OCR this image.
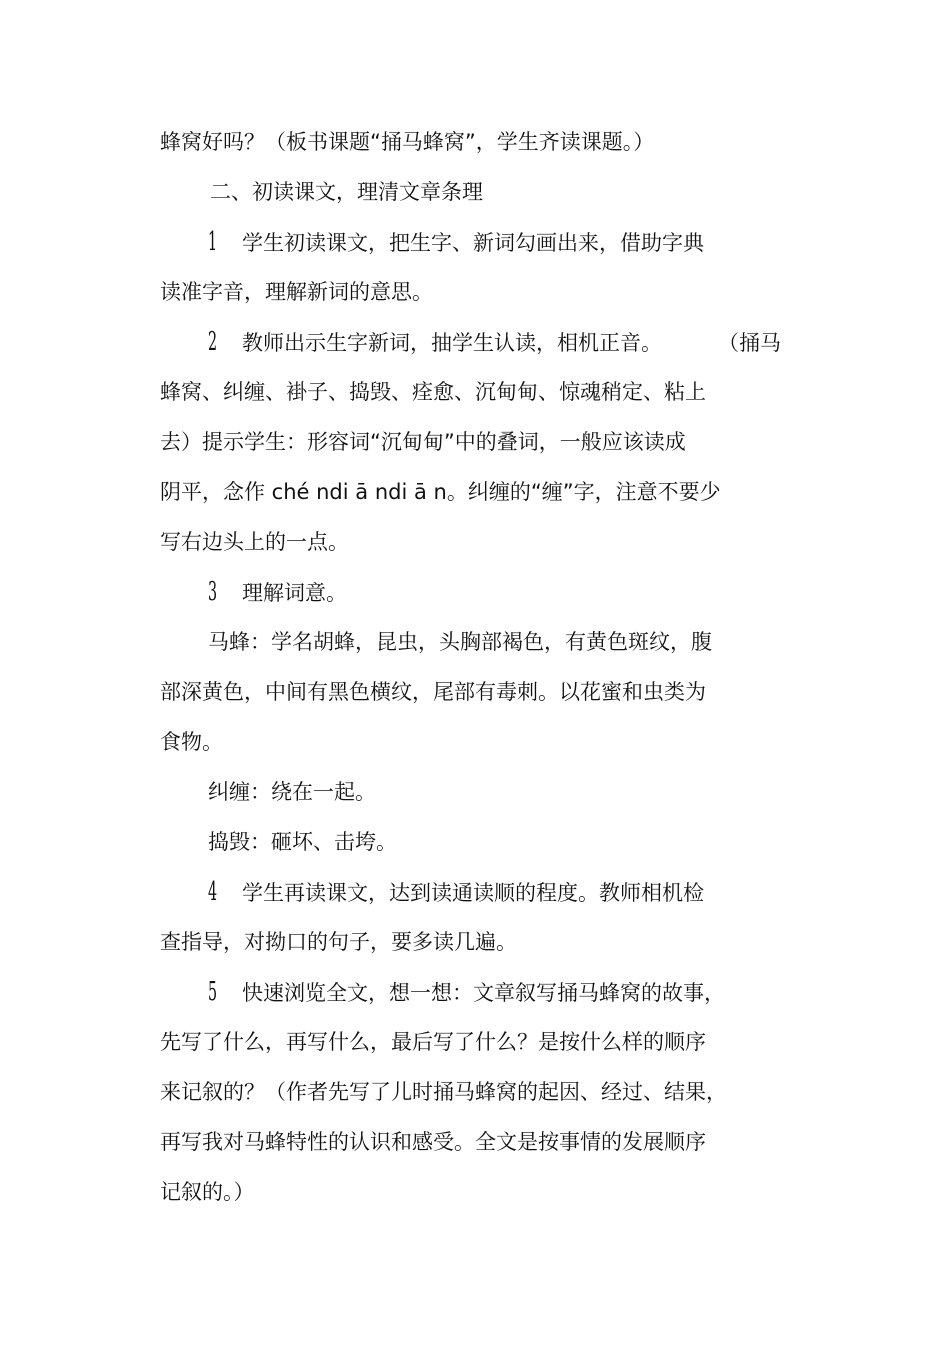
蜂窝好吗？（板书课题“捅马蜂窝”，学生齐读课题。）
二、初读课文，理清文章条理
1 学生初读课文，把生字、新词勾画出来，借助字典
读准字音，理解新词的意思。
2 教师出示生字新词，抽学生认读，相机正音。	（捅马
蜂窝、纠缠、褂子、捣毁、痊愈、沉甸甸、惊魂稍定、粘上
去）提示学生：形容词“沉甸甸”中的叠词，一般应该读成
阴平，念作 ché ndi ā ndi ā n。纠缠的“缠”字，注意不要少
写右边头上的一点。
3 理解词意。
马蜂：学名胡蜂，昆虫，头胸部褐色，有黄色斑纹，腹
部深黄色，中间有黑色横纹，尾部有毒刺。以花蜜和虫类为
食物。
纠缠：绕在一起。
捣毁：砸坏、击垮。
4 学生再读课文，达到读通读顺的程度。教师相机检
查指导，对拗口的句子，要多读几遍。
5 快速浏览全文，想一想：文章叙写捅马蜂窝的故事，
先写了什么，再写什么，最后写了什么？是按什么样的顺序
来记叙的？（作者先写了儿时捅马蜂窝的起因、经过、结果，
再写我对马蜂特性的认识和感受。全文是按事情的发展顺序
记叙的。）
